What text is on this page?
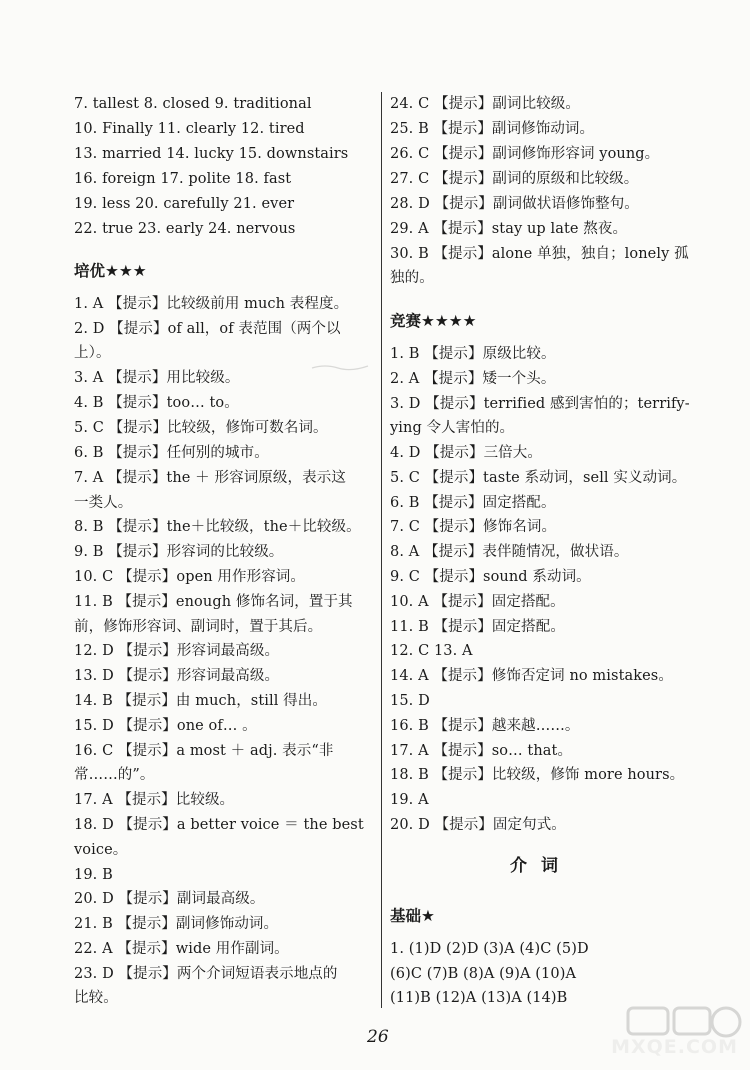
7. tallest 8. closed 9. traditional
10. Finally 11. clearly 12. tired
13. married 14. lucky 15. downstairs
16. foreign 17. polite 18. fast
19. less 20. carefully 21. ever
22. true 23. early 24. nervous
培优★★★
1. A 【提示】比较级前用 much 表程度。
2. D 【提示】of all，of 表范围（两个以
上）。
3. A 【提示】用比较级。
4. B 【提示】too… to。
5. C 【提示】比较级，修饰可数名词。
6. B 【提示】任何别的城市。
7. A 【提示】the ＋ 形容词原级，表示这
一类人。
8. B 【提示】the＋比较级，the＋比较级。
9. B 【提示】形容词的比较级。
10. C 【提示】open 用作形容词。
11. B 【提示】enough 修饰名词，置于其
前，修饰形容词、副词时，置于其后。
12. D 【提示】形容词最高级。
13. D 【提示】形容词最高级。
14. B 【提示】由 much，still 得出。
15. D 【提示】one of… 。
16. C 【提示】a most ＋ adj. 表示“非
常……的”。
17. A 【提示】比较级。
18. D 【提示】a better voice ＝ the best
voice。
19. B
20. D 【提示】副词最高级。
21. B 【提示】副词修饰动词。
22. A 【提示】wide 用作副词。
23. D 【提示】两个介词短语表示地点的
比较。
24. C 【提示】副词比较级。
25. B 【提示】副词修饰动词。
26. C 【提示】副词修饰形容词 young。
27. C 【提示】副词的原级和比较级。
28. D 【提示】副词做状语修饰整句。
29. A 【提示】stay up late 熬夜。
30. B 【提示】alone 单独，独自；lonely 孤
独的。
竞赛★★★★
1. B 【提示】原级比较。
2. A 【提示】矮一个头。
3. D 【提示】terrified 感到害怕的；terrify-
ying 令人害怕的。
4. D 【提示】三倍大。
5. C 【提示】taste 系动词，sell 实义动词。
6. B 【提示】固定搭配。
7. C 【提示】修饰名词。
8. A 【提示】表伴随情况，做状语。
9. C 【提示】sound 系动词。
10. A 【提示】固定搭配。
11. B 【提示】固定搭配。
12. C 13. A
14. A 【提示】修饰否定词 no mistakes。
15. D
16. B 【提示】越来越……。
17. A 【提示】so… that。
18. B 【提示】比较级，修饰 more hours。
19. A
20. D 【提示】固定句式。
介词
基础★
1. (1)D (2)D (3)A (4)C (5)D
(6)C (7)B (8)A (9)A (10)A
(11)B (12)A (13)A (14)B
26	MXQE.COM
